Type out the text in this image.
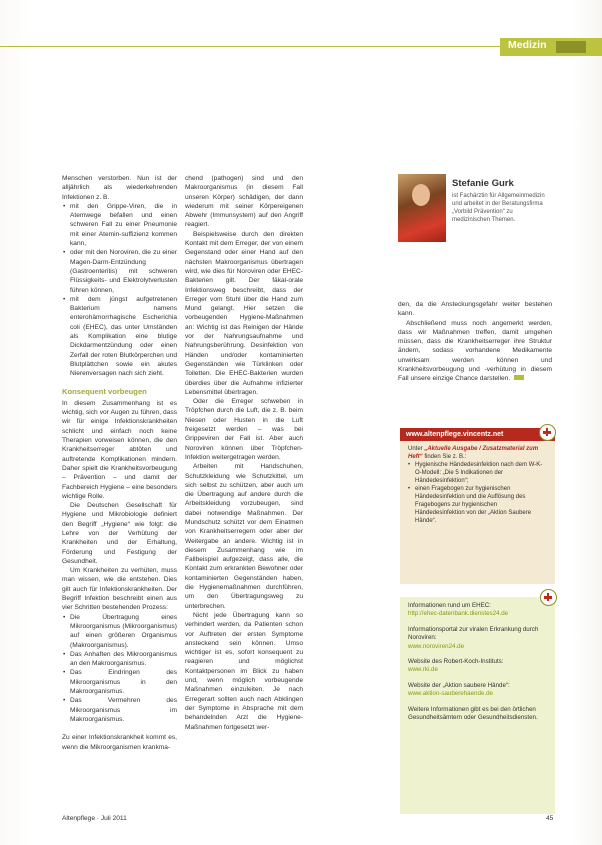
Medizin

Menschen verstorben. Nun ist der alljährlich als wiederkehrenden Infektionen z. B.

• mit den Grippe-Viren, die in Atemwege befallen und einen schweren Fall zu einer Pneumonie mit einer Atemin-suffizienz kommen kann,
• oder mit den Noroviren, die zu einer Magen-Darm-Entzündung (Gastroenteritis) mit schweren Flüssigkeits- und Elektrolytverlusten führen können,
• mit dem jüngst aufgetretenen Bakterium namens enterohämorrhagische Escherichia coli (EHEC), das unter Umständen als Komplikation eine blutige Dickdarmentzündung oder einen Zerfall der roten Blutkörperchen und Blutplättchen sowie ein akutes Nierenversagen nach sich zieht.
Konsequent vorbeugen

In diesem Zusammenhang ist es wichtig, sich vor Augen zu führen, dass wir für einige Infektionskrankheiten schlicht und einfach noch keine Therapien vorweisen können, die den Krankheitserreger abtöten und auftretende Komplikationen mindern. Daher spielt die Krankheitsvorbeugung – Prävention – und damit der Fachbereich Hygiene – eine besonders wichtige Rolle.

Die Deutschen Gesellschaft für Hygiene und Mikrobiologie definiert den Begriff „Hygiene“ wie folgt: die Lehre von der Verhütung der Krankheiten und der Erhaltung, Förderung und Festigung der Gesundheit.

Um Krankheiten zu verhüten, muss man wissen, wie die entstehen. Dies gilt auch für Infektionskrankheiten. Der Begriff Infektion beschreibt einen aus vier Schritten bestehenden Prozess:

• Die Übertragung eines Mikroorganismus (Mikroorganismus) auf einen größeren Organismus (Makroorganismus).
• Das Anhaften des Mikroorganismus an den Makroorganismus.
• Das Eindringen des Mikroorganismus in den Makroorganismus.
• Das Vermehren des Mikroorganismus im Makroorganismus.

Zu einer Infektionskrankheit kommt es, wenn die Mikroorganismen krankma-

chend (pathogen) sind und den Makroorganismus (in diesem Fall unseren Körper) schädigen, der dann wiederum mit seiner Körpereigenen Abwehr (Immunsystem) auf den Angriff reagiert.

Beispielsweise durch den direkten Kontakt mit dem Erreger, der von einem Gegenstand oder einer Hand auf den nächsten Makroorganismus übertragen wird, wie dies für Noroviren oder EHEC-Bakterien gilt. Der fäkal-orale Infektionsweg beschreibt, dass der Erreger vom Stuhl über die Hand zum Mund gelangt. Hier setzen die vorbeugenden Hygiene-Maßnahmen an: Wichtig ist das Reinigen der Hände vor der Nahrungsaufnahme und Nahrungsberührung. Desinfektion von Händen und/oder kontaminierten Gegenständen wie Türklinken oder Toiletten. Die EHEC-Bakterien wurden überdies über die Aufnahme infizierter Lebensmittel übertragen.

Oder die Erreger schweben in Tröpfchen durch die Luft, die z. B. beim Niesen oder Husten in die Luft freigesetzt werden – was bei Grippeviren der Fall ist. Aber auch Noroviren können über Tröpfchen-Infektion weitergetragen werden.

Arbeiten mit Handschuhen, Schutzkleidung wie Schutzkittel, um sich selbst zu schützen, aber auch um die Übertragung auf andere durch die Arbeitskleidung vorzubeugen, sind dabei notwendige Maßnahmen. Der Mundschutz schützt vor dem Einatmen von Krankheitserregern oder aber der Weitergabe an andere. Wichtig ist in diesem Zusammenhang wie im Fallbeispiel aufgezeigt, dass alle, die Kontakt zum erkrankten Bewohner oder kontaminierten Gegenständen haben, die Hygienemaßnahmen durchführen, um den Übertragungsweg zu unterbrechen.

Nicht jede Übertragung kann so verhindert werden, da Patienten schon vor Auftreten der ersten Symptome ansteckend sein können. Umso wichtiger ist es, sofort konsequent zu reagieren und möglichst Kontaktpersonen im Blick zu haben und, wenn möglich vorbeugende Maßnahmen einzuleiten. Je nach Erregerart sollten auch nach Abklingen der Symptome in Absprache mit dem behandelnden Arzt die Hygiene-Maßnahmen fortgesetzt wer-

Stefanie Gurk
ist Fachärztin für Allgemeinmedizin und arbeitet in der Beratungsfirma „Vorbild Prävention“ zu medizinischen Themen.

den, da die Ansteckungsgefahr weiter bestehen kann.

Abschließend muss noch angemerkt werden, dass wir Maßnahmen treffen, damit umgehen müssen, dass die Krankheitserreger ihre Struktur ändern, sodass vorhandene Medikamente unwirksam werden können und Krankheitsvorbeugung und -verhütung in diesem Fall unsere einzige Chance darstellen.

www.altenpflege.vincentz.net
Unter „Aktuelle Ausgabe / Zusatzmaterial zum Heft“ finden Sie z. B.:
• Hygienische Händedesinfektion nach dem W-K-O-Modell: „Die 5 Indikationen der Händedesinfektion“;
• einen Fragebogen zur hygienischen Händedesinfektion und die Auflösung des Fragebogens zur hygienischen Händedesinfektion von der „Aktion Saubere Hände“.

Informationen rund um EHEC:
http://ehec-datenbank.dienstes24.de

Informationsportal zur viralen Erkrankung durch Noroviren:
www.noroviren24.de

Website des Robert-Koch-Instituts:
www.rki.de

Website der „Aktion saubere Hände“:
www.aktion-sauberehaende.de

Weitere Informationen gibt es bei den örtlichen Gesundheitsämtern oder Gesundheitsdiensten.

Altenpflege · Juli 2011	45
